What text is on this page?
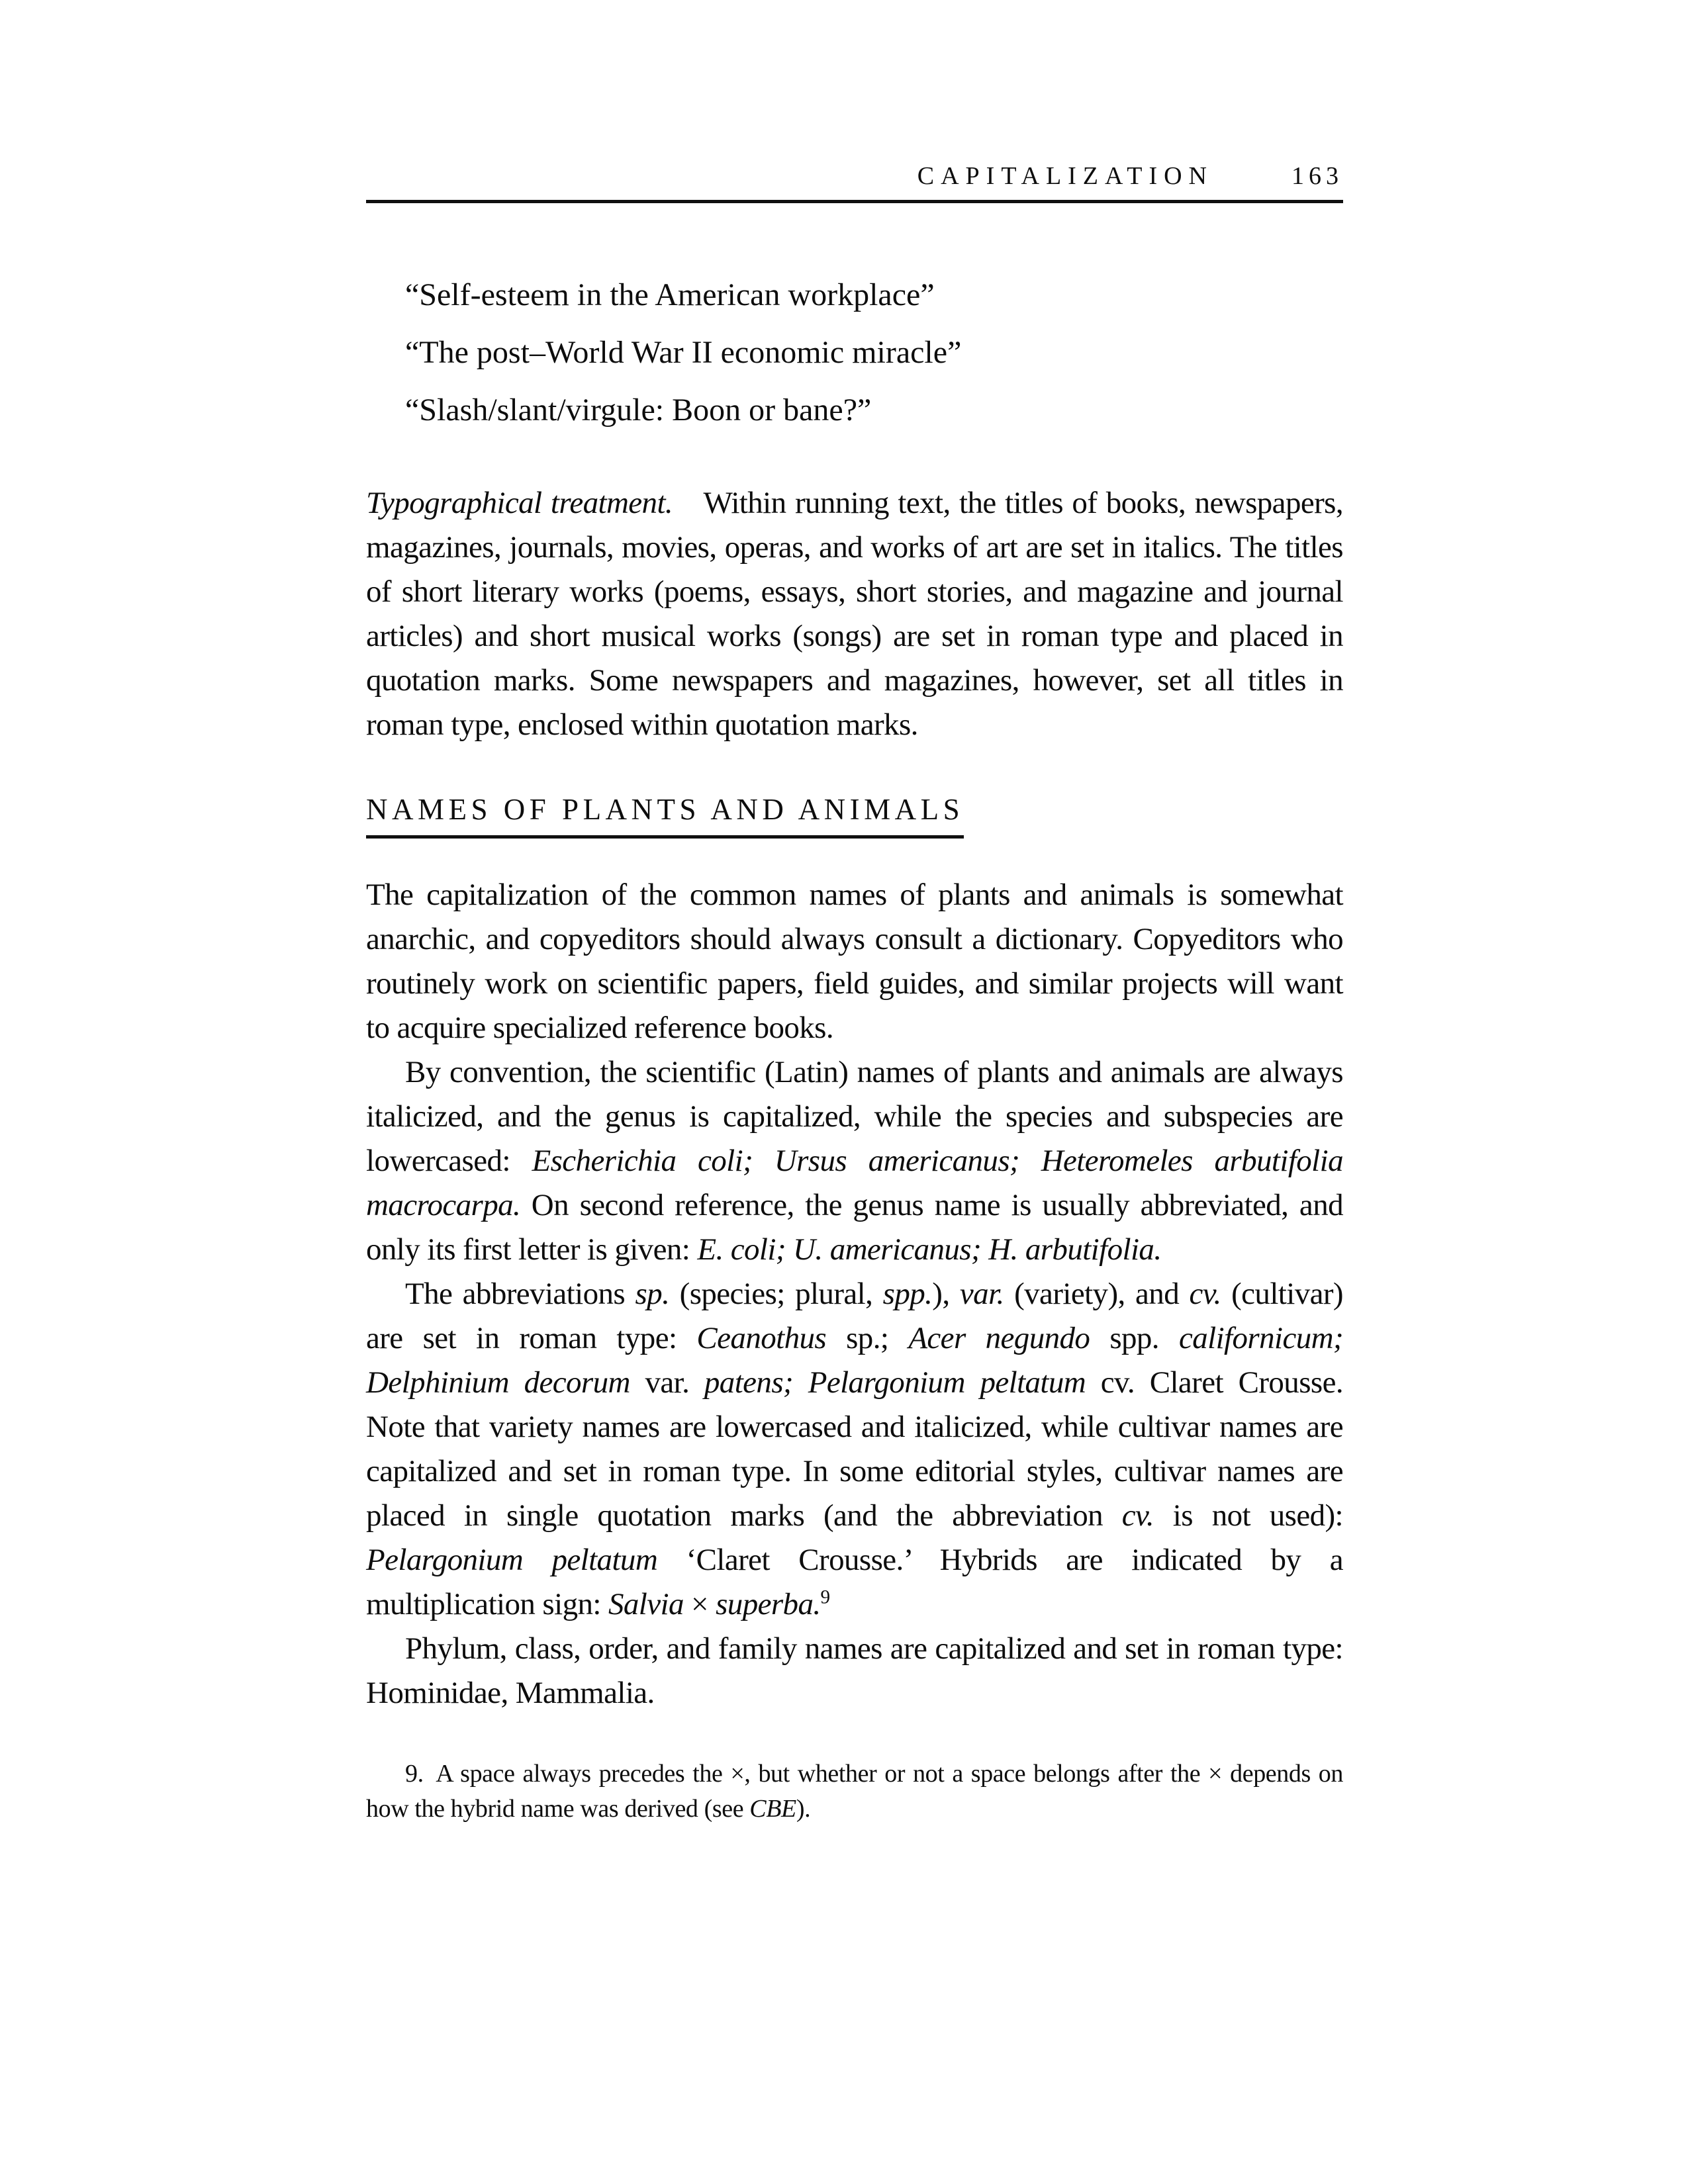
CAPITALIZATION	163

“Self-esteem in the American workplace”

“The post–World War II economic miracle”

“Slash/slant/virgule: Boon or bane?”

Typographical treatment. Within running text, the titles of books, newspapers, magazines, journals, movies, operas, and works of art are set in italics. The titles of short literary works (poems, essays, short stories, and magazine and journal articles) and short musical works (songs) are set in roman type and placed in quotation marks. Some newspapers and magazines, however, set all titles in roman type, enclosed within quotation marks.

NAMES OF PLANTS AND ANIMALS

The capitalization of the common names of plants and animals is somewhat anarchic, and copyeditors should always consult a dictionary. Copyeditors who routinely work on scientific papers, field guides, and similar projects will want to acquire specialized reference books.

By convention, the scientific (Latin) names of plants and animals are always italicized, and the genus is capitalized, while the species and subspecies are lowercased: Escherichia coli; Ursus americanus; Heteromeles arbutifolia macrocarpa. On second reference, the genus name is usually abbreviated, and only its first letter is given: E. coli; U. americanus; H. arbutifolia.

The abbreviations sp. (species; plural, spp.), var. (variety), and cv. (cultivar) are set in roman type: Ceanothus sp.; Acer negundo spp. californicum; Delphinium decorum var. patens; Pelargonium peltatum cv. Claret Crousse. Note that variety names are lowercased and italicized, while cultivar names are capitalized and set in roman type. In some editorial styles, cultivar names are placed in single quotation marks (and the abbreviation cv. is not used): Pelargonium peltatum ‘Claret Crousse.’ Hybrids are indicated by a multiplication sign: Salvia × superba.$^9$

Phylum, class, order, and family names are capitalized and set in roman type: Hominidae, Mammalia.

9. A space always precedes the ×, but whether or not a space belongs after the × depends on how the hybrid name was derived (see CBE).
